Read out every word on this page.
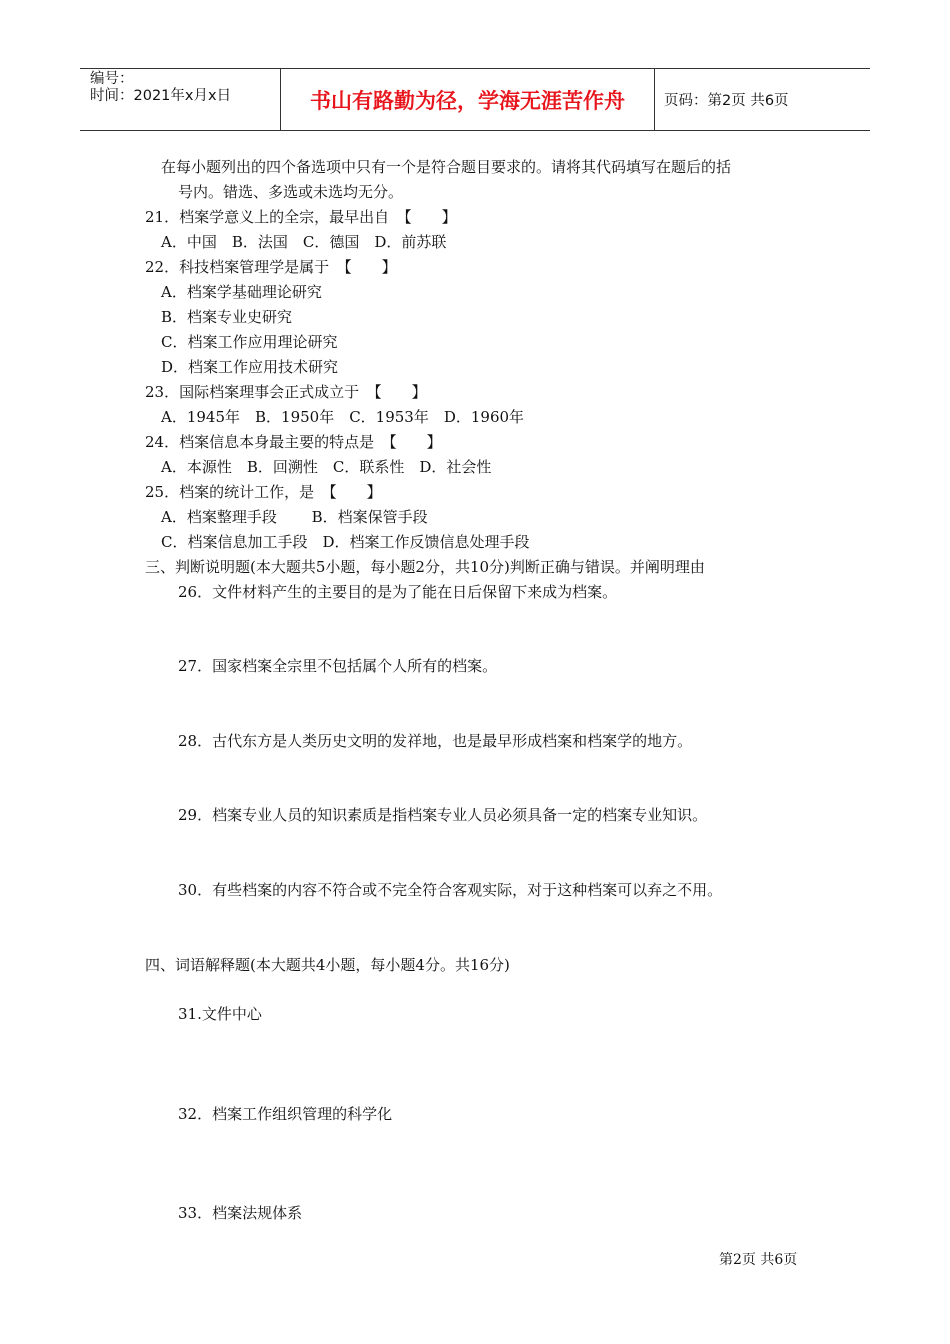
编号：
时间：2021年x月x日	书山有路勤为径，学海无涯苦作舟	页码：第2页 共6页
在每小题列出的四个备选项中只有一个是符合题目要求的。请将其代码填写在题后的括
号内。错选、多选或未选均无分。
21．档案学意义上的全宗，最早出自　【　　】
A．中国　B．法国　C．德国　D．前苏联
22．科技档案管理学是属于　【　　】
A．档案学基础理论研究
B．档案专业史研究
C．档案工作应用理论研究
D．档案工作应用技术研究
23．国际档案理事会正式成立于　【　　】
A．1945年　B．1950年　C．1953年　D．1960年
24．档案信息本身最主要的特点是　【　　】
A．本源性　B．回溯性　C．联系性　D．社会性
25．档案的统计工作，是　【　　】
A．档案整理手段　　 B．档案保管手段
C．档案信息加工手段　D．档案工作反馈信息处理手段
三、判断说明题(本大题共5小题，每小题2分，共10分)判断正确与错误。并阐明理由
26．文件材料产生的主要目的是为了能在日后保留下来成为档案。
27．国家档案全宗里不包括属个人所有的档案。
28．古代东方是人类历史文明的发祥地，也是最早形成档案和档案学的地方。
29．档案专业人员的知识素质是指档案专业人员必须具备一定的档案专业知识。
30．有些档案的内容不符合或不完全符合客观实际，对于这种档案可以弃之不用。
四、词语解释题(本大题共4小题，每小题4分。共16分)
31.文件中心
32．档案工作组织管理的科学化
33．档案法规体系
第2页 共6页
